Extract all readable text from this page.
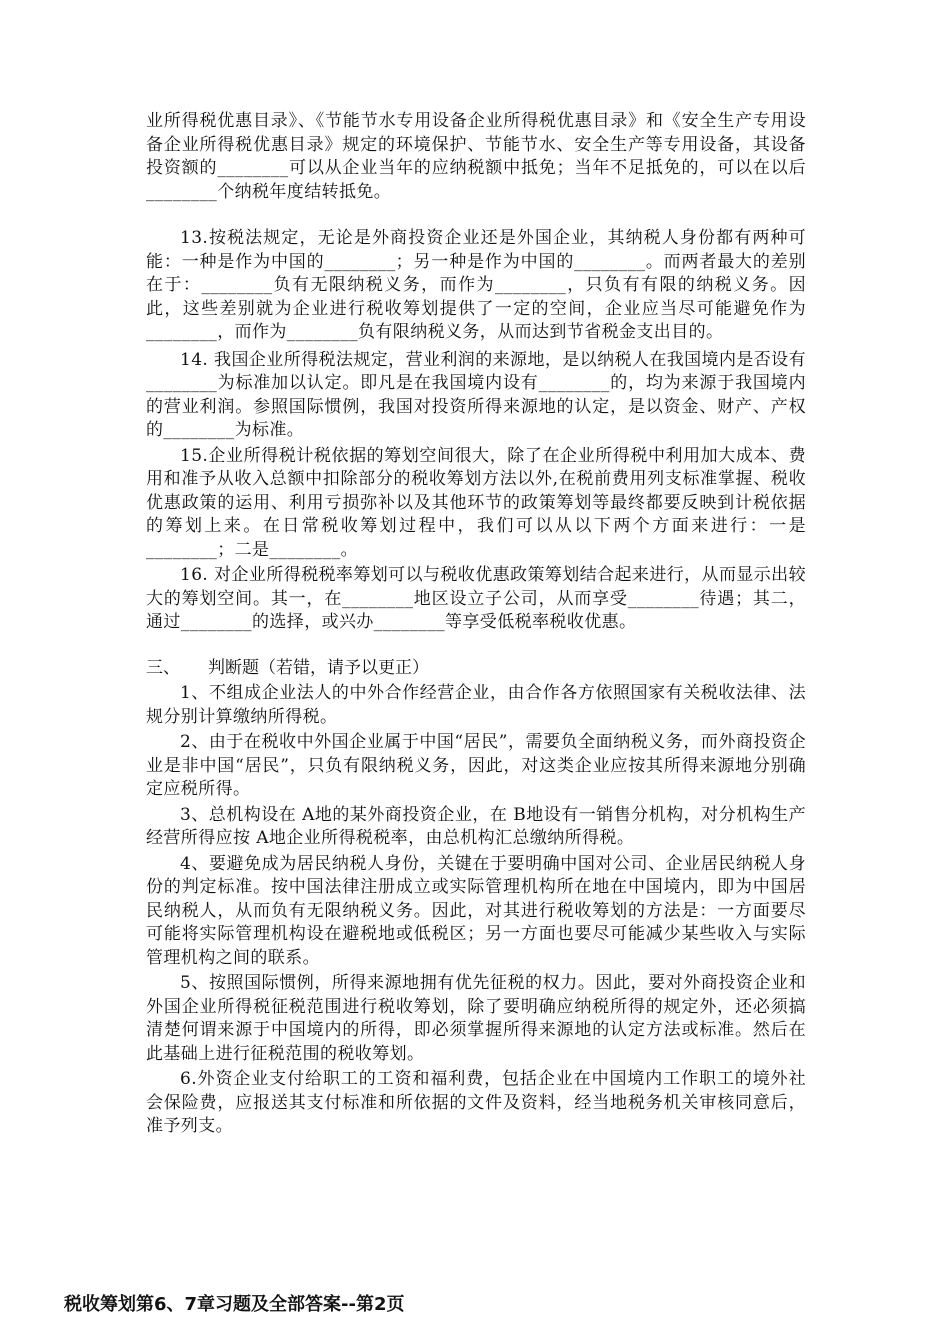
业所得税优惠目录》、《节能节水专用设备企业所得税优惠目录》和《安全生产专用设备企业所得税优惠目录》规定的环境保护、节能节水、安全生产等专用设备，其设备投资额的________可以从企业当年的应纳税额中抵免；当年不足抵免的，可以在以后________个纳税年度结转抵免。

13.按税法规定，无论是外商投资企业还是外国企业，其纳税人身份都有两种可能：一种是作为中国的________；另一种是作为中国的________。而两者最大的差别在于：________负有无限纳税义务，而作为________，只负有有限的纳税义务。因此，这些差别就为企业进行税收筹划提供了一定的空间，企业应当尽可能避免作为________，而作为________负有限纳税义务，从而达到节省税金支出目的。

14. 我国企业所得税法规定，营业利润的来源地，是以纳税人在我国境内是否设有________为标准加以认定。即凡是在我国境内设有________的，均为来源于我国境内的营业利润。参照国际惯例，我国对投资所得来源地的认定，是以资金、财产、产权的________为标准。

15.企业所得税计税依据的筹划空间很大，除了在企业所得税中利用加大成本、费用和准予从收入总额中扣除部分的税收筹划方法以外,在税前费用列支标准掌握、税收优惠政策的运用、利用亏损弥补以及其他环节的政策筹划等最终都要反映到计税依据的筹划上来。在日常税收筹划过程中，我们可以从以下两个方面来进行：一是________；二是________。

16. 对企业所得税税率筹划可以与税收优惠政策筹划结合起来进行，从而显示出较大的筹划空间。其一，在________地区设立子公司，从而享受________待遇；其二，通过________的选择，或兴办________等享受低税率税收优惠。

三、 判断题（若错，请予以更正）

1、不组成企业法人的中外合作经营企业，由合作各方依照国家有关税收法律、法规分别计算缴纳所得税。

2、由于在税收中外国企业属于中国“居民”，需要负全面纳税义务，而外商投资企业是非中国“居民”，只负有限纳税义务，因此，对这类企业应按其所得来源地分别确定应税所得。

3、总机构设在 A地的某外商投资企业，在 B地设有一销售分机构，对分机构生产经营所得应按 A地企业所得税税率，由总机构汇总缴纳所得税。

4、要避免成为居民纳税人身份，关键在于要明确中国对公司、企业居民纳税人身份的判定标准。按中国法律注册成立或实际管理机构所在地在中国境内，即为中国居民纳税人，从而负有无限纳税义务。因此，对其进行税收筹划的方法是：一方面要尽可能将实际管理机构设在避税地或低税区；另一方面也要尽可能减少某些收入与实际管理机构之间的联系。

5、按照国际惯例，所得来源地拥有优先征税的权力。因此，要对外商投资企业和外国企业所得税征税范围进行税收筹划，除了要明确应纳税所得的规定外，还必须搞清楚何谓来源于中国境内的所得，即必须掌握所得来源地的认定方法或标准。然后在此基础上进行征税范围的税收筹划。

6.外资企业支付给职工的工资和福利费，包括企业在中国境内工作职工的境外社会保险费，应报送其支付标准和所依据的文件及资料，经当地税务机关审核同意后，准予列支。

税收筹划第6、7章习题及全部答案--第2页
